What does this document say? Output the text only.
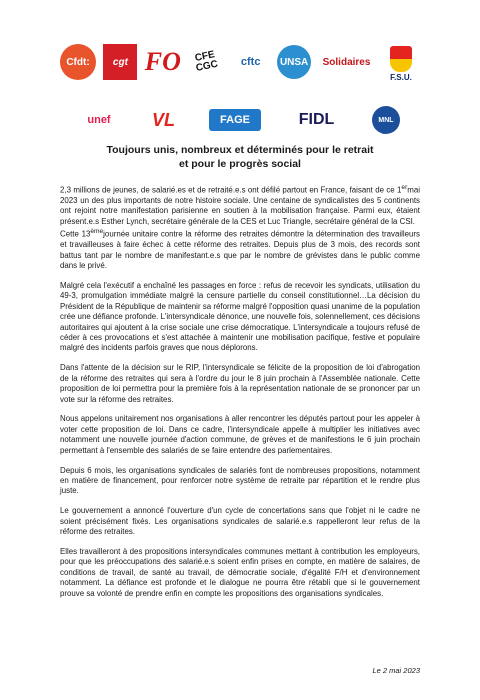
Cfdt: cgt FO	CFE CGC	cftc UNSA Solidaires
F.S.U.
unef VL	FAGE	FIDL	MNL
Toujours unis, nombreux et déterminés pour le retrait
et pour le progrès social

2,3 millions de jeunes, de salarié.es et de retraité.e.s ont défilé partout en France, faisant de ce 1ermai 2023 un des plus importants de notre histoire sociale. Une centaine de syndicalistes des 5 continents ont rejoint notre manifestation parisienne en soutien à la mobilisation française. Parmi eux, étaient présent.e.s Esther Lynch, secrétaire générale de la CES et Luc Triangle, secrétaire général de la CSI.

Cette 13èmejournée unitaire contre la réforme des retraites démontre la détermination des travailleurs et travailleuses à faire échec à cette réforme des retraites. Depuis plus de 3 mois, des records sont battus tant par le nombre de manifestant.e.s que par le nombre de grévistes dans le public comme dans le privé.

Malgré cela l'exécutif a enchaîné les passages en force : refus de recevoir les syndicats, utilisation du 49-3, promulgation immédiate malgré la censure partielle du conseil constitutionnel…La décision du Président de la République de maintenir sa réforme malgré l'opposition quasi unanime de la population crée une défiance profonde. L'intersyndicale dénonce, une nouvelle fois, solennellement, ces décisions autoritaires qui ajoutent à la crise sociale une crise démocratique. L'intersyndicale a toujours refusé de céder à ces provocations et s'est attachée à maintenir une mobilisation pacifique, festive et populaire malgré des incidents parfois graves que nous déplorons.

Dans l'attente de la décision sur le RIP, l'intersyndicale se félicite de la proposition de loi d'abrogation de la réforme des retraites qui sera à l'ordre du jour le 8 juin prochain à l'Assemblée nationale. Cette proposition de loi permettra pour la première fois à la représentation nationale de se prononcer par un vote sur la réforme des retraites.

Nous appelons unitairement nos organisations à aller rencontrer les députés partout pour les appeler à voter cette proposition de loi. Dans ce cadre, l'intersyndicale appelle à multiplier les initiatives avec notamment une nouvelle journée d'action commune, de grèves et de manifestions le 6 juin prochain permettant à l'ensemble des salariés de se faire entendre des parlementaires.

Depuis 6 mois, les organisations syndicales de salariés font de nombreuses propositions, notamment en matière de financement, pour renforcer notre système de retraite par répartition et le rendre plus juste.

Le gouvernement a annoncé l'ouverture d'un cycle de concertations sans que l'objet ni le cadre ne soient précisément fixés. Les organisations syndicales de salarié.e.s rappelleront leur refus de la réforme des retraites.

Elles travailleront à des propositions intersyndicales communes mettant à contribution les employeurs, pour que les préoccupations des salarié.e.s soient enfin prises en compte, en matière de salaires, de conditions de travail, de santé au travail, de démocratie sociale, d'égalité F/H et d'environnement notamment. La défiance est profonde et le dialogue ne pourra être rétabli que si le gouvernement prouve sa volonté de prendre enfin en compte les propositions des organisations syndicales.

Le 2 mai 2023
